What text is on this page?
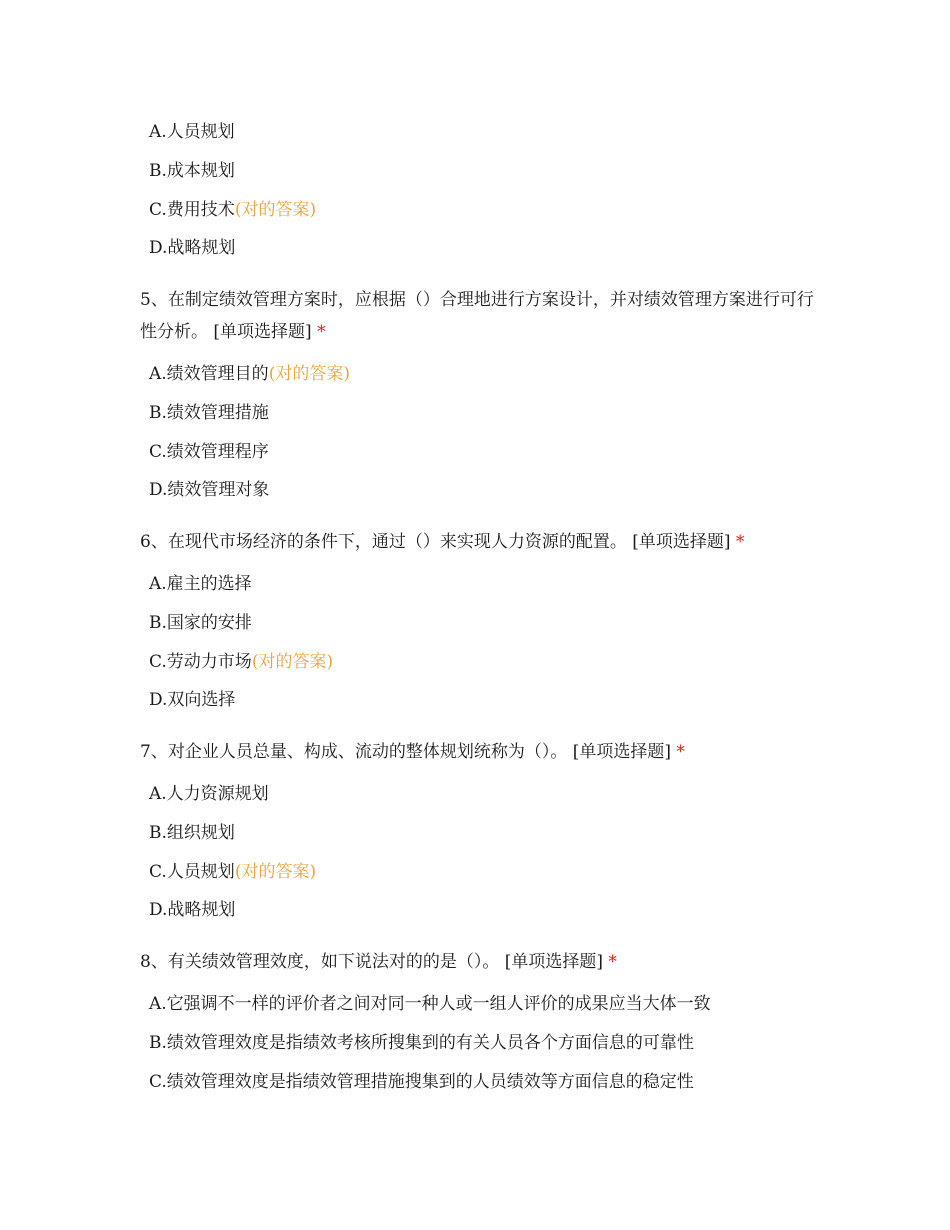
A.人员规划
B.成本规划
C.费用技术(对的答案)
D.战略规划
5、在制定绩效管理方案时，应根据（）合理地进行方案设计，并对绩效管理方案进行可行性分析。 [单项选择题] *
A.绩效管理目的(对的答案)
B.绩效管理措施
C.绩效管理程序
D.绩效管理对象
6、在现代市场经济的条件下，通过（）来实现人力资源的配置。 [单项选择题] *
A.雇主的选择
B.国家的安排
C.劳动力市场(对的答案)
D.双向选择
7、对企业人员总量、构成、流动的整体规划统称为（）。 [单项选择题] *
A.人力资源规划
B.组织规划
C.人员规划(对的答案)
D.战略规划
8、有关绩效管理效度，如下说法对的的是（）。 [单项选择题] *
A.它强调不一样的评价者之间对同一种人或一组人评价的成果应当大体一致
B.绩效管理效度是指绩效考核所搜集到的有关人员各个方面信息的可靠性
C.绩效管理效度是指绩效管理措施搜集到的人员绩效等方面信息的稳定性
